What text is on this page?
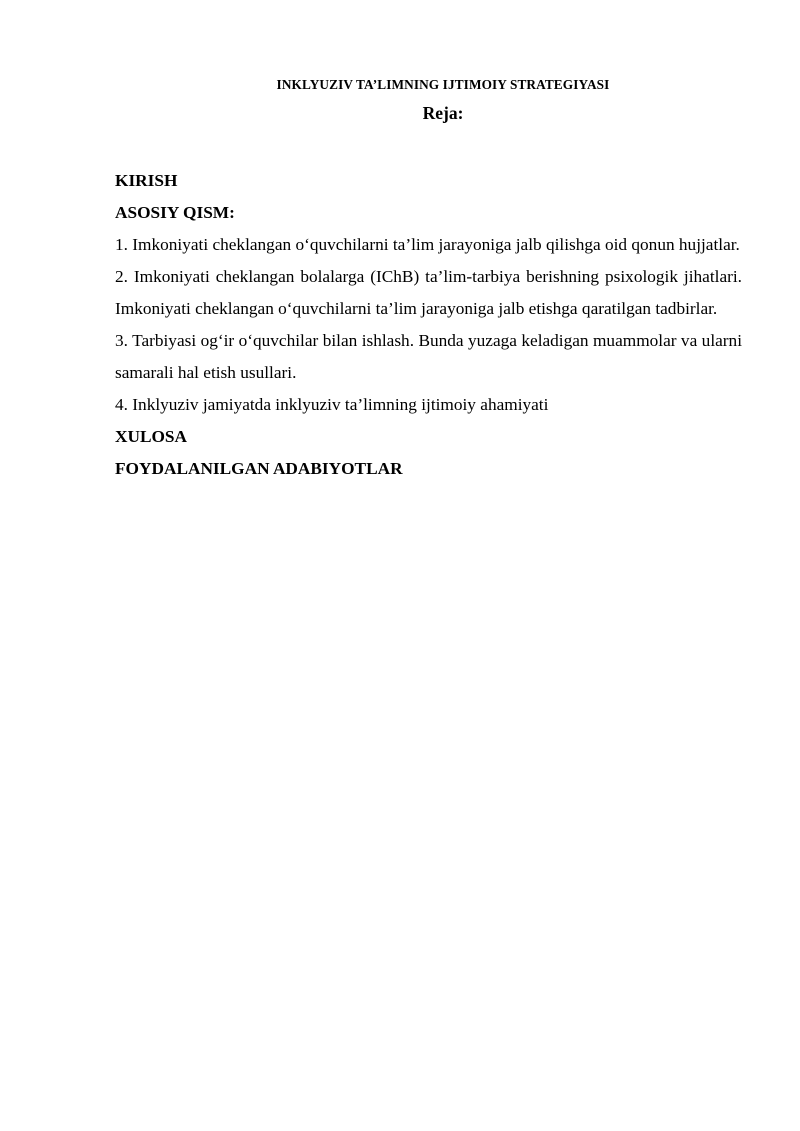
INKLYUZIV TA’LIMNING IJTIMOIY STRATEGIYASI
Reja:

KIRISH

ASOSIY QISM:

1. Imkoniyati cheklangan o‘quvchilarni ta’lim jarayoniga jalb qilishga oid qonun hujjatlar.

2. Imkoniyati cheklangan bolalarga (IChB) ta’lim-tarbiya berishning psixologik jihatlari. Imkoniyati cheklangan o‘quvchilarni ta’lim jarayoniga jalb etishga qaratilgan tadbirlar.

3. Tarbiyasi og‘ir o‘quvchilar bilan ishlash. Bunda yuzaga keladigan muammolar va ularni samarali hal etish usullari.

4. Inklyuziv jamiyatda inklyuziv ta’limning ijtimoiy ahamiyati

XULOSA

FOYDALANILGAN ADABIYOTLAR
